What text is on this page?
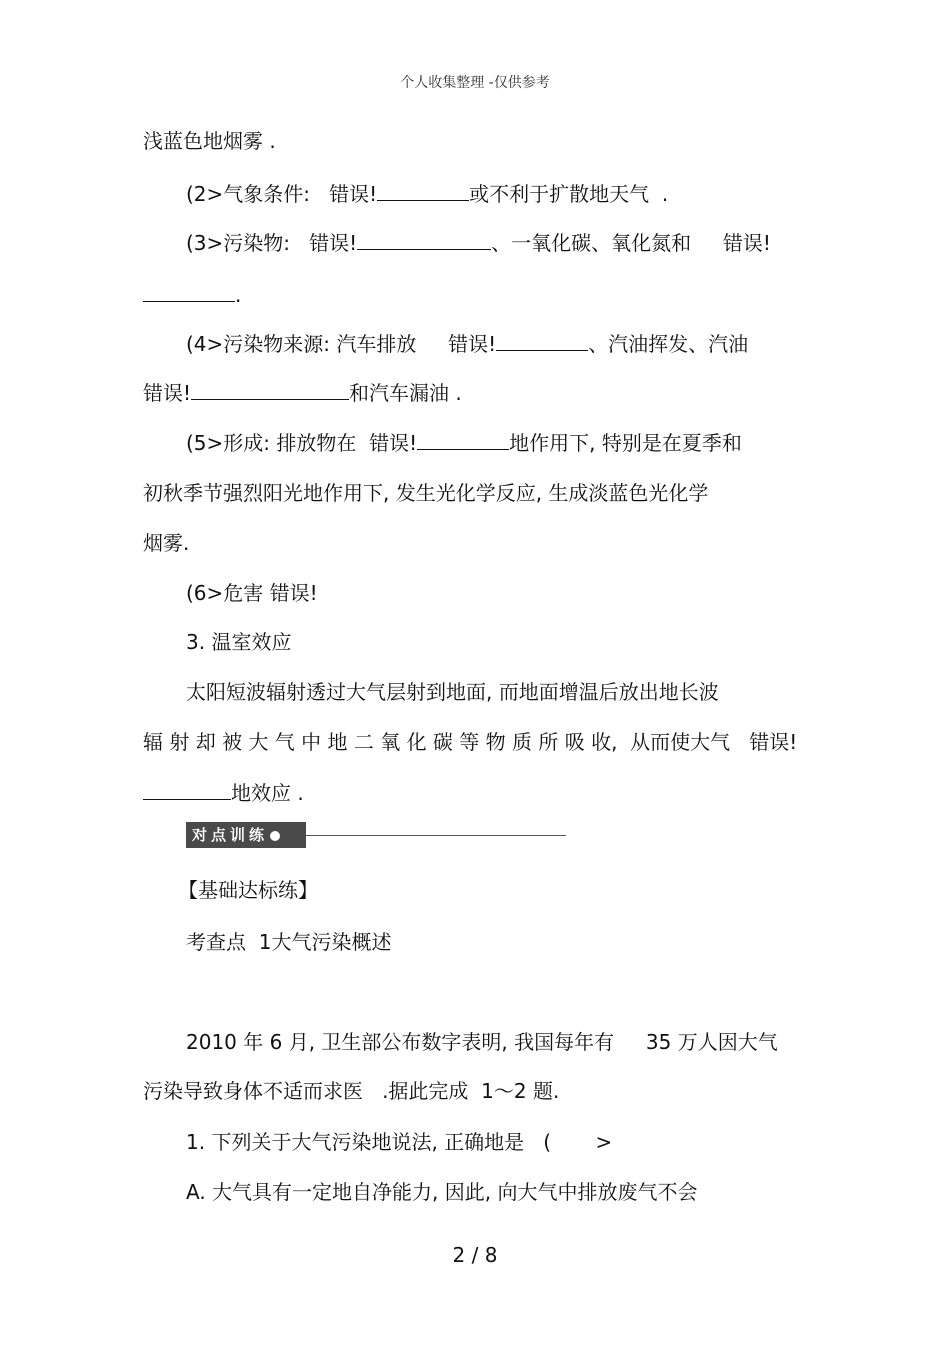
个人收集整理 -仅供参考
浅蓝色地烟雾 .
(2>气象条件:   错误!	或不利于扩散地天气  .
(3>污染物:   错误!	、一氧化碳、氧化氮和     错误!
.
(4>污染物来源: 汽车排放     错误!	、汽油挥发、汽油
错误!	和汽车漏油 .
(5>形成: 排放物在  错误!	地作用下, 特别是在夏季和
初秋季节强烈阳光地作用下, 发生光化学反应, 生成淡蓝色光化学
烟雾.
(6>危害 错误!
3. 温室效应
太阳短波辐射透过大气层射到地面, 而地面增温后放出地长波
辐 射 却 被 大 气 中 地 二 氧 化 碳 等 物 质 所 吸 收,  从而使大气   错误!
地效应 .
对点训练
【基础达标练】
考查点  1大气污染概述
2010 年 6 月, 卫生部公布数字表明, 我国每年有     35 万人因大气
污染导致身体不适而求医   .据此完成  1～2 题.
1. 下列关于大气污染地说法, 正确地是   (       >
A. 大气具有一定地自净能力, 因此, 向大气中排放废气不会
2 / 8
